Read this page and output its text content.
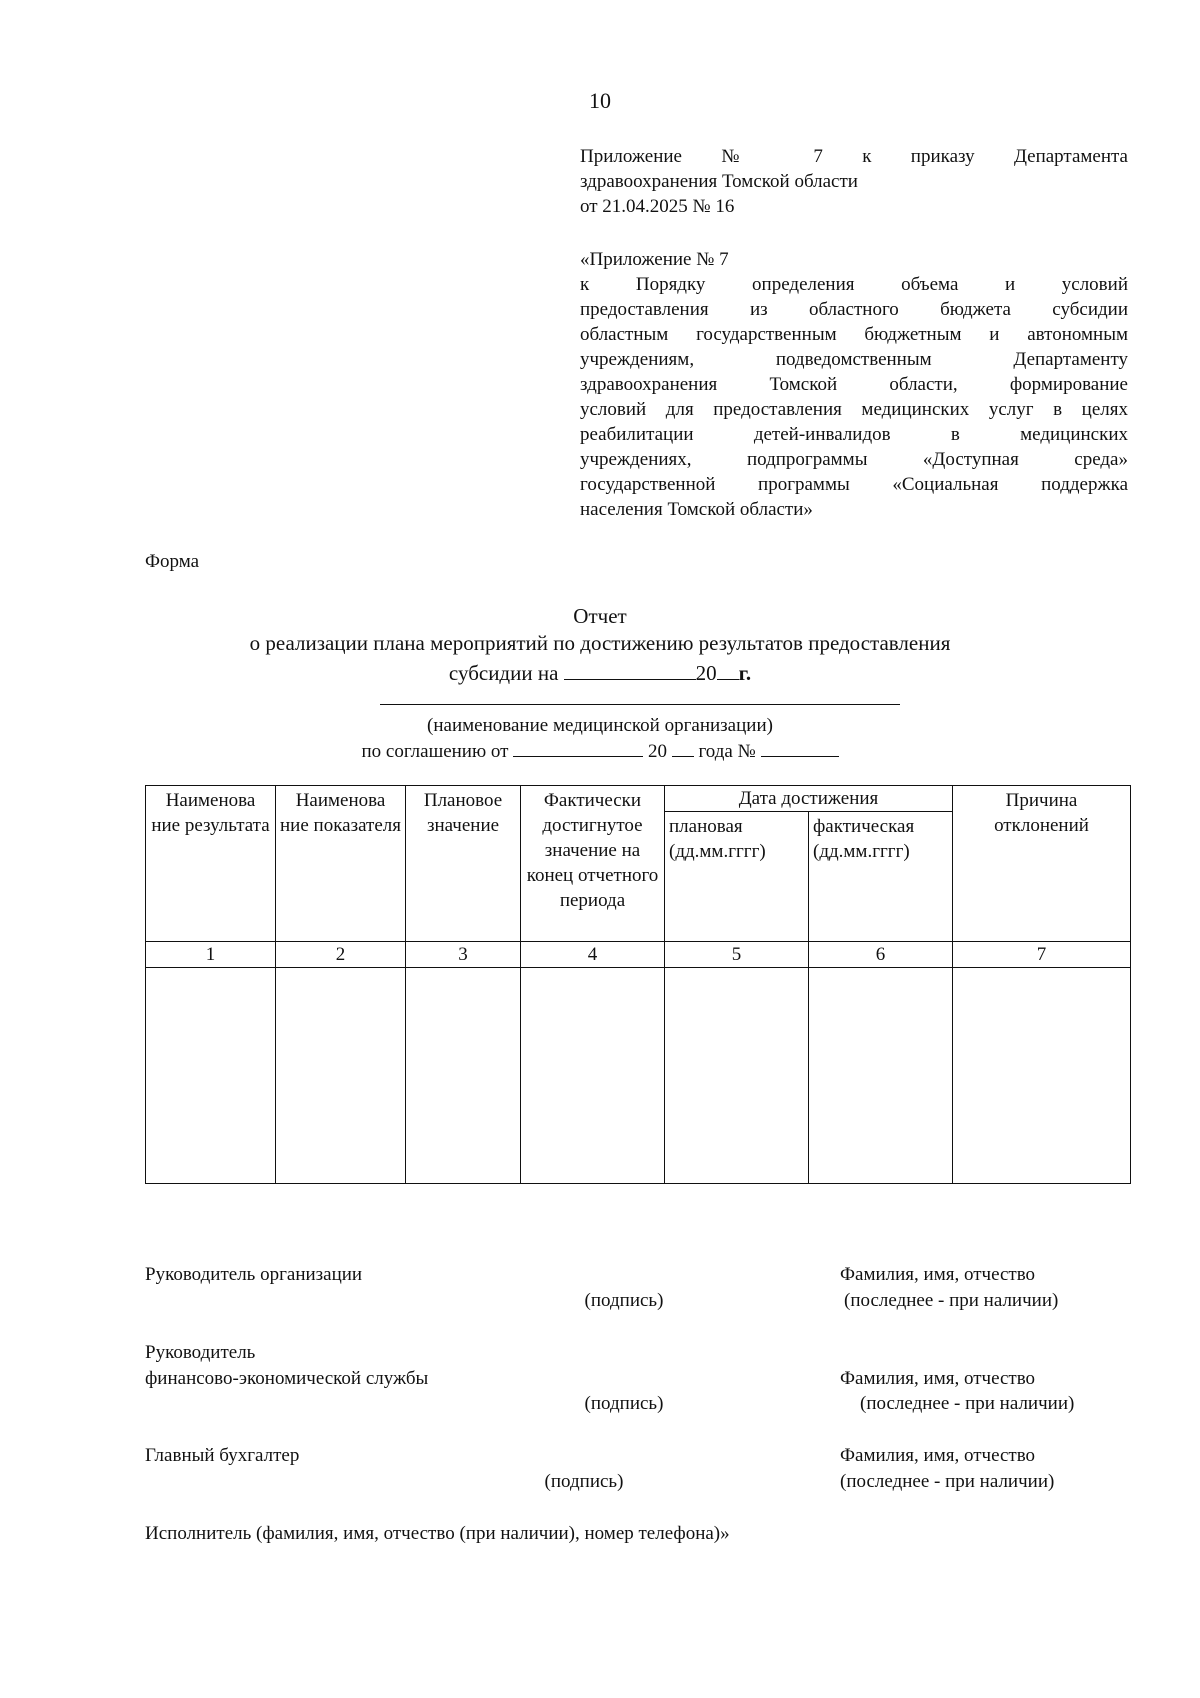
10
Приложение № 7 к приказу Департамента
здравоохранения Томской области
от 21.04.2025 № 16
«Приложение № 7
к Порядку определения объема и условий
предоставления из областного бюджета субсидии
областным государственным бюджетным и автономным
учреждениям, подведомственным Департаменту
здравоохранения Томской области, формирование
условий для предоставления медицинских услуг в целях
реабилитации детей-инвалидов в медицинских
учреждениях, подпрограммы «Доступная среда»
государственной программы «Социальная поддержка
населения Томской области»
Форма
Отчет
о реализации плана мероприятий по достижению результатов предоставления
субсидии на	20 г.
(наименование медицинской организации)
по соглашению от	20 года №
Наименова ние результата	Наименова ние показателя	Плановое значение	Фактически достигнутое значение на конец отчетного периода	Дата достижения		Причина отклонений
				плановая (дд.мм.гггг)	фактическая (дд.мм.гггг)	
1	2	3	4	5	6	7

Руководитель организации
(подпись)
Фамилия, имя, отчество
(последнее - при наличии)
Руководитель
финансово-экономической службы
(подпись)
Фамилия, имя, отчество
(последнее - при наличии)
Главный бухгалтер
(подпись)
Фамилия, имя, отчество
(последнее - при наличии)
Исполнитель (фамилия, имя, отчество (при наличии), номер телефона)»
